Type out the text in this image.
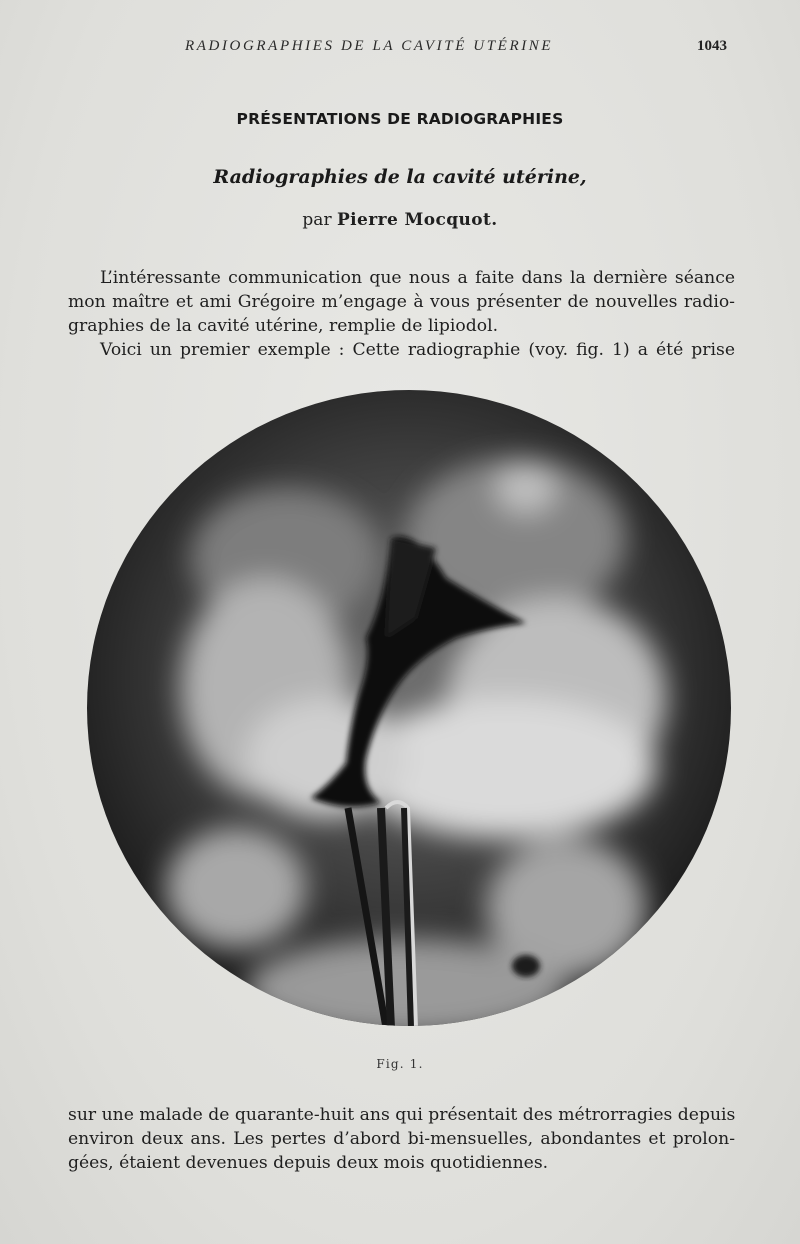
RADIOGRAPHIES DE LA CAVITÉ UTÉRINE	1043
PRÉSENTATIONS DE RADIOGRAPHIES
Radiographies de la cavité utérine,
par Pierre Mocquot.
L’intéressante communication que nous a faite dans la dernière séance
mon maître et ami Grégoire m’engage à vous présenter de nouvelles radio-
graphies de la cavité utérine, remplie de lipiodol.
Voici un premier exemple : Cette radiographie (voy. fig. 1) a été prise
Fig. 1.
sur une malade de quarante-huit ans qui présentait des métrorragies depuis
environ deux ans. Les pertes d’abord bi-mensuelles, abondantes et prolon-
gées, étaient devenues depuis deux mois quotidiennes.
